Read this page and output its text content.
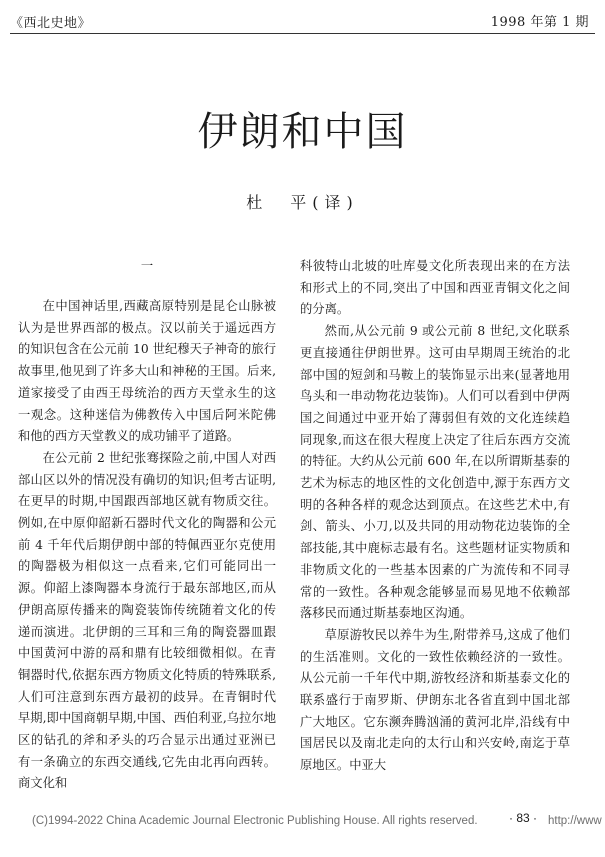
《西北史地》	1998 年第 1 期
伊朗和中国
杜　平(译)
一

在中国神话里,西藏高原特别是昆仑山脉被认为是世界西部的极点。汉以前关于遥远西方的知识包含在公元前 10 世纪穆天子神奇的旅行故事里,他见到了许多大山和神秘的王国。后来,道家接受了由西王母统治的西方天堂永生的这一观念。这种迷信为佛教传入中国后阿米陀佛和他的西方天堂教义的成功铺平了道路。

在公元前 2 世纪张骞探险之前,中国人对西部山区以外的情况没有确切的知识;但考古证明,在更早的时期,中国跟西部地区就有物质交往。例如,在中原仰韶新石器时代文化的陶器和公元前 4 千年代后期伊朗中部的特佩西亚尔克使用的陶器极为相似这一点看来,它们可能同出一源。仰韶上漆陶器本身流行于最东部地区,而从伊朗高原传播来的陶瓷装饰传统随着文化的传递而演进。北伊朗的三耳和三角的陶瓷器皿跟中国黄河中游的鬲和鼎有比较细微相似。在青铜器时代,依据东西方物质文化特质的特殊联系,人们可注意到东西方最初的歧异。在青铜时代早期,即中国商朝早期,中国、西伯利亚,乌拉尔地区的钻孔的斧和矛头的巧合显示出通过亚洲已有一条确立的东西交通线,它先由北再向西转。商文化和

科彼特山北坡的吐库曼文化所表现出来的在方法和形式上的不同,突出了中国和西亚青铜文化之间的分离。

然而,从公元前 9 或公元前 8 世纪,文化联系更直接通往伊朗世界。这可由早期周王统治的北部中国的短剑和马鞍上的装饰显示出来(显著地用鸟头和一串动物花边装饰)。人们可以看到中伊两国之间通过中亚开始了薄弱但有效的文化连续趋同现象,而这在很大程度上决定了往后东西方交流的特征。大约从公元前 600 年,在以所谓斯基泰的艺术为标志的地区性的文化创造中,源于东西方文明的各种各样的观念达到顶点。在这些艺术中,有剑、箭头、小刀,以及共同的用动物花边装饰的全部技能,其中鹿标志最有名。这些题材证实物质和非物质文化的一些基本因素的广为流传和不同寻常的一致性。各种观念能够显而易见地不依赖部落移民而通过斯基泰地区沟通。

草原游牧民以养牛为生,附带养马,这成了他们的生活准则。文化的一致性依赖经济的一致性。从公元前一千年代中期,游牧经济和斯基泰文化的联系盛行于南罗斯、伊朗东北各省直到中国北部广大地区。它东濒奔腾汹涌的黄河北岸,沿线有中国居民以及南北走向的太行山和兴安岭,南迄于草原地区。中亚大

(C)1994-2022 China Academic Journal Electronic Publishing House. All rights reserved.	· 83 · http://www
